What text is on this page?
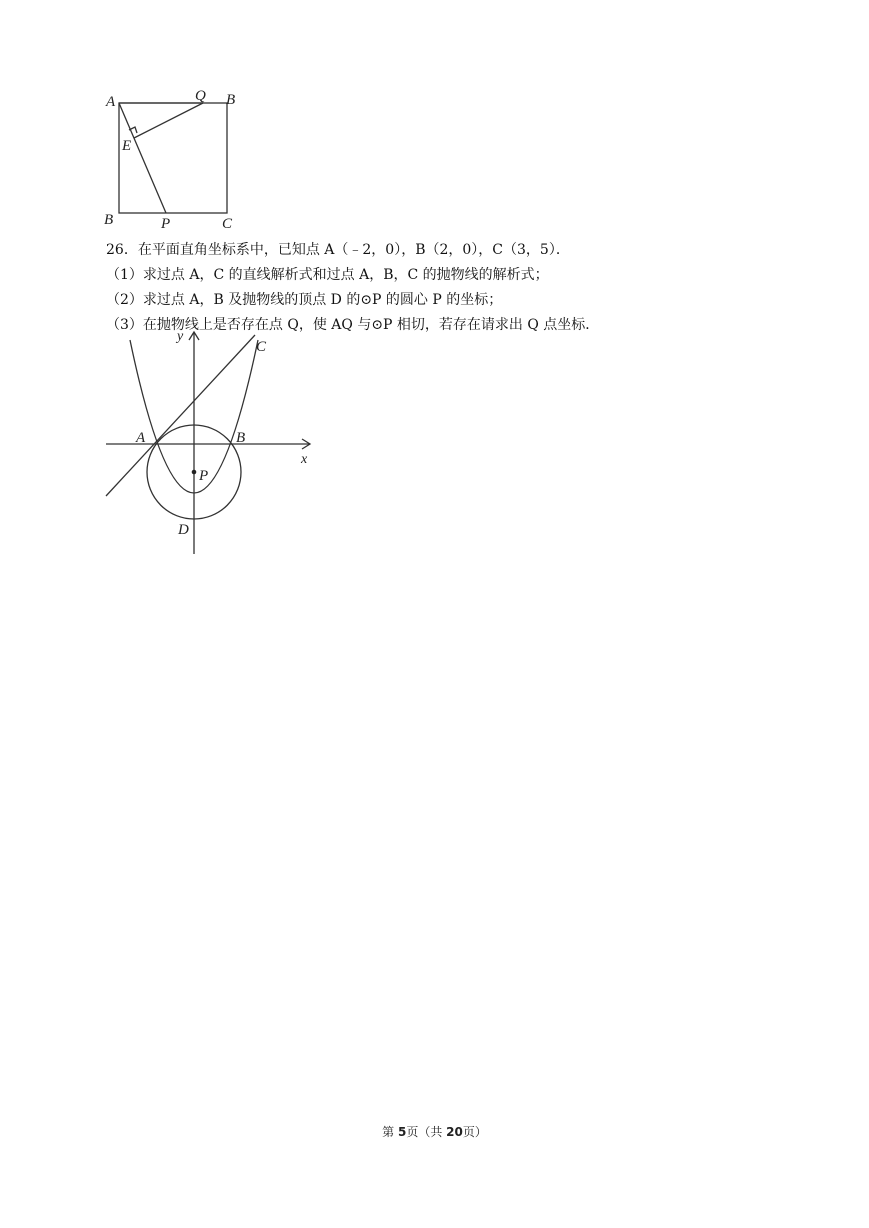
A	Q B
E
B	P	C

26．在平面直角坐标系中，已知点 A（﹣2，0），B（2，0），C（3，5）．

（1）求过点 A，C 的直线解析式和过点 A，B，C 的抛物线的解析式；

（2）求过点 A，B 及抛物线的顶点 D 的⊙P 的圆心 P 的坐标；

（3）在抛物线上是否存在点 Q，使 AQ 与⊙P 相切，若存在请求出 Q 点坐标．

y
x
A	B
C
P
D
第 5页（共 20页）
